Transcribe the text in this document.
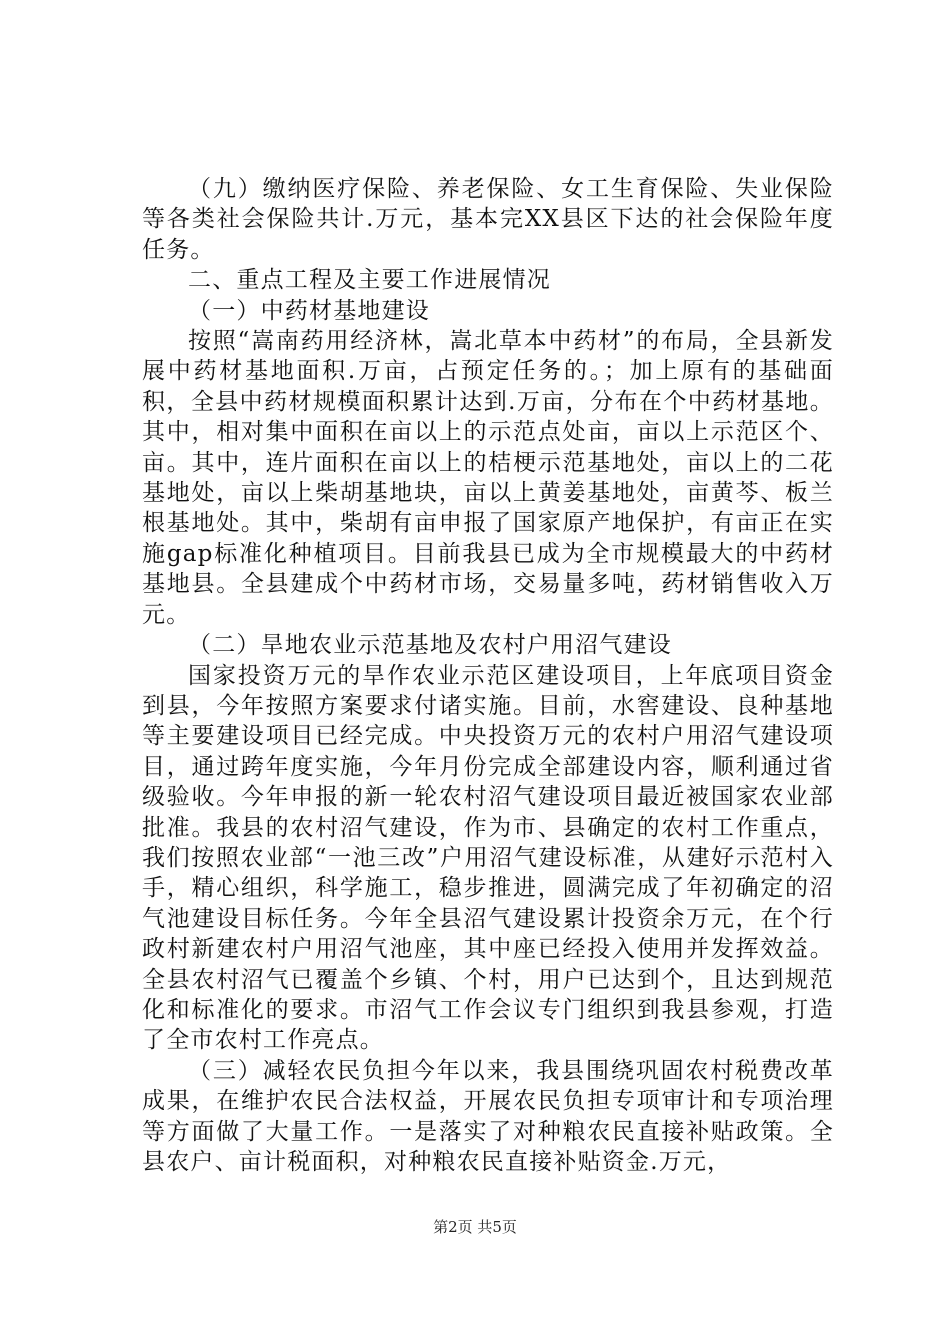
（九）缴纳医疗保险、养老保险、女工生育保险、失业保险等各类社会保险共计.万元，基本完XX县区下达的社会保险年度任务。

二、重点工程及主要工作进展情况

（一）中药材基地建设

按照“嵩南药用经济林，嵩北草本中药材”的布局，全县新发展中药材基地面积.万亩，占预定任务的。；加上原有的基础面积，全县中药材规模面积累计达到.万亩，分布在个中药材基地。其中，相对集中面积在亩以上的示范点处亩，亩以上示范区个、亩。其中，连片面积在亩以上的桔梗示范基地处，亩以上的二花基地处，亩以上柴胡基地块，亩以上黄姜基地处，亩黄芩、板兰根基地处。其中，柴胡有亩申报了国家原产地保护，有亩正在实施gap标准化种植项目。目前我县已成为全市规模最大的中药材基地县。全县建成个中药材市场，交易量多吨，药材销售收入万元。

（二）旱地农业示范基地及农村户用沼气建设

国家投资万元的旱作农业示范区建设项目，上年底项目资金到县，今年按照方案要求付诸实施。目前，水窖建设、良种基地等主要建设项目已经完成。中央投资万元的农村户用沼气建设项目，通过跨年度实施，今年月份完成全部建设内容，顺利通过省级验收。今年申报的新一轮农村沼气建设项目最近被国家农业部批准。我县的农村沼气建设，作为市、县确定的农村工作重点，我们按照农业部“一池三改”户用沼气建设标准，从建好示范村入手，精心组织，科学施工，稳步推进，圆满完成了年初确定的沼气池建设目标任务。今年全县沼气建设累计投资余万元，在个行政村新建农村户用沼气池座，其中座已经投入使用并发挥效益。全县农村沼气已覆盖个乡镇、个村，用户已达到个，且达到规范化和标准化的要求。市沼气工作会议专门组织到我县参观，打造了全市农村工作亮点。

（三）减轻农民负担今年以来，我县围绕巩固农村税费改革成果，在维护农民合法权益，开展农民负担专项审计和专项治理等方面做了大量工作。一是落实了对种粮农民直接补贴政策。全县农户、亩计税面积，对种粮农民直接补贴资金.万元，

第2页 共5页
